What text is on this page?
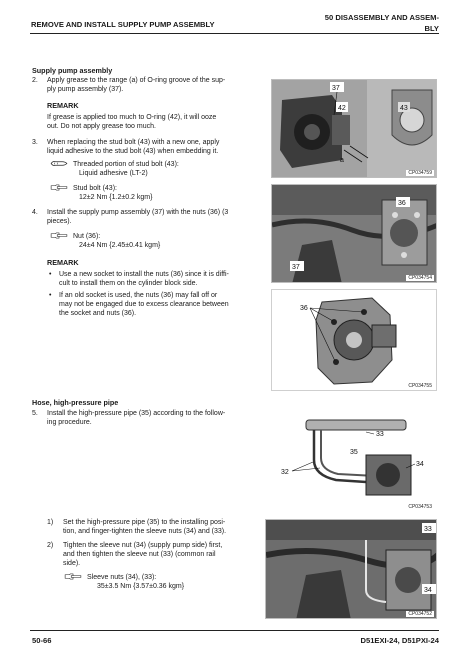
REMOVE AND INSTALL SUPPLY PUMP ASSEMBLY
50 DISASSEMBLY AND ASSEM-
BLY
Supply pump assembly
2. Apply grease to the range (a) of O-ring groove of the sup-
ply pump assembly (37).
REMARK
If grease is applied too much to O-ring (42), it will ooze
out. Do not apply grease too much.
3. When replacing the stud bolt (43) with a new one, apply
liquid adhesive to the stud bolt (43) when embedding it.
Threaded portion of stud bolt (43):
Liquid adhesive (LT-2)
Stud bolt (43):
12±2 Nm {1.2±0.2 kgm}
4. Install the supply pump assembly (37) with the nuts (36) (3
pieces).
Nut (36):
24±4 Nm {2.45±0.41 kgm}
REMARK
• Use a new socket to install the nuts (36) since it is diffi-
cult to install them on the cylinder block side.
• If an old socket is used, the nuts (36) may fall off or
may not be engaged due to excess clearance between
the socket and nuts (36).
37
42	43
a
CP034759
36
37
CP034754
36
CP034755
Hose, high-pressure pipe
5. Install the high-pressure pipe (35) according to the follow-
ing procedure.
33
35
34
32
CP034753
1) Set the high-pressure pipe (35) to the installing posi-
tion, and finger-tighten the sleeve nuts (34) and (33).
2) Tighten the sleeve nut (34) (supply pump side) first,
and then tighten the sleeve nut (33) (common rail
side).
Sleeve nuts (34), (33):
35±3.5 Nm {3.57±0.36 kgm}
33
34
CP034752
50-66	D51EXI-24, D51PXI-24
